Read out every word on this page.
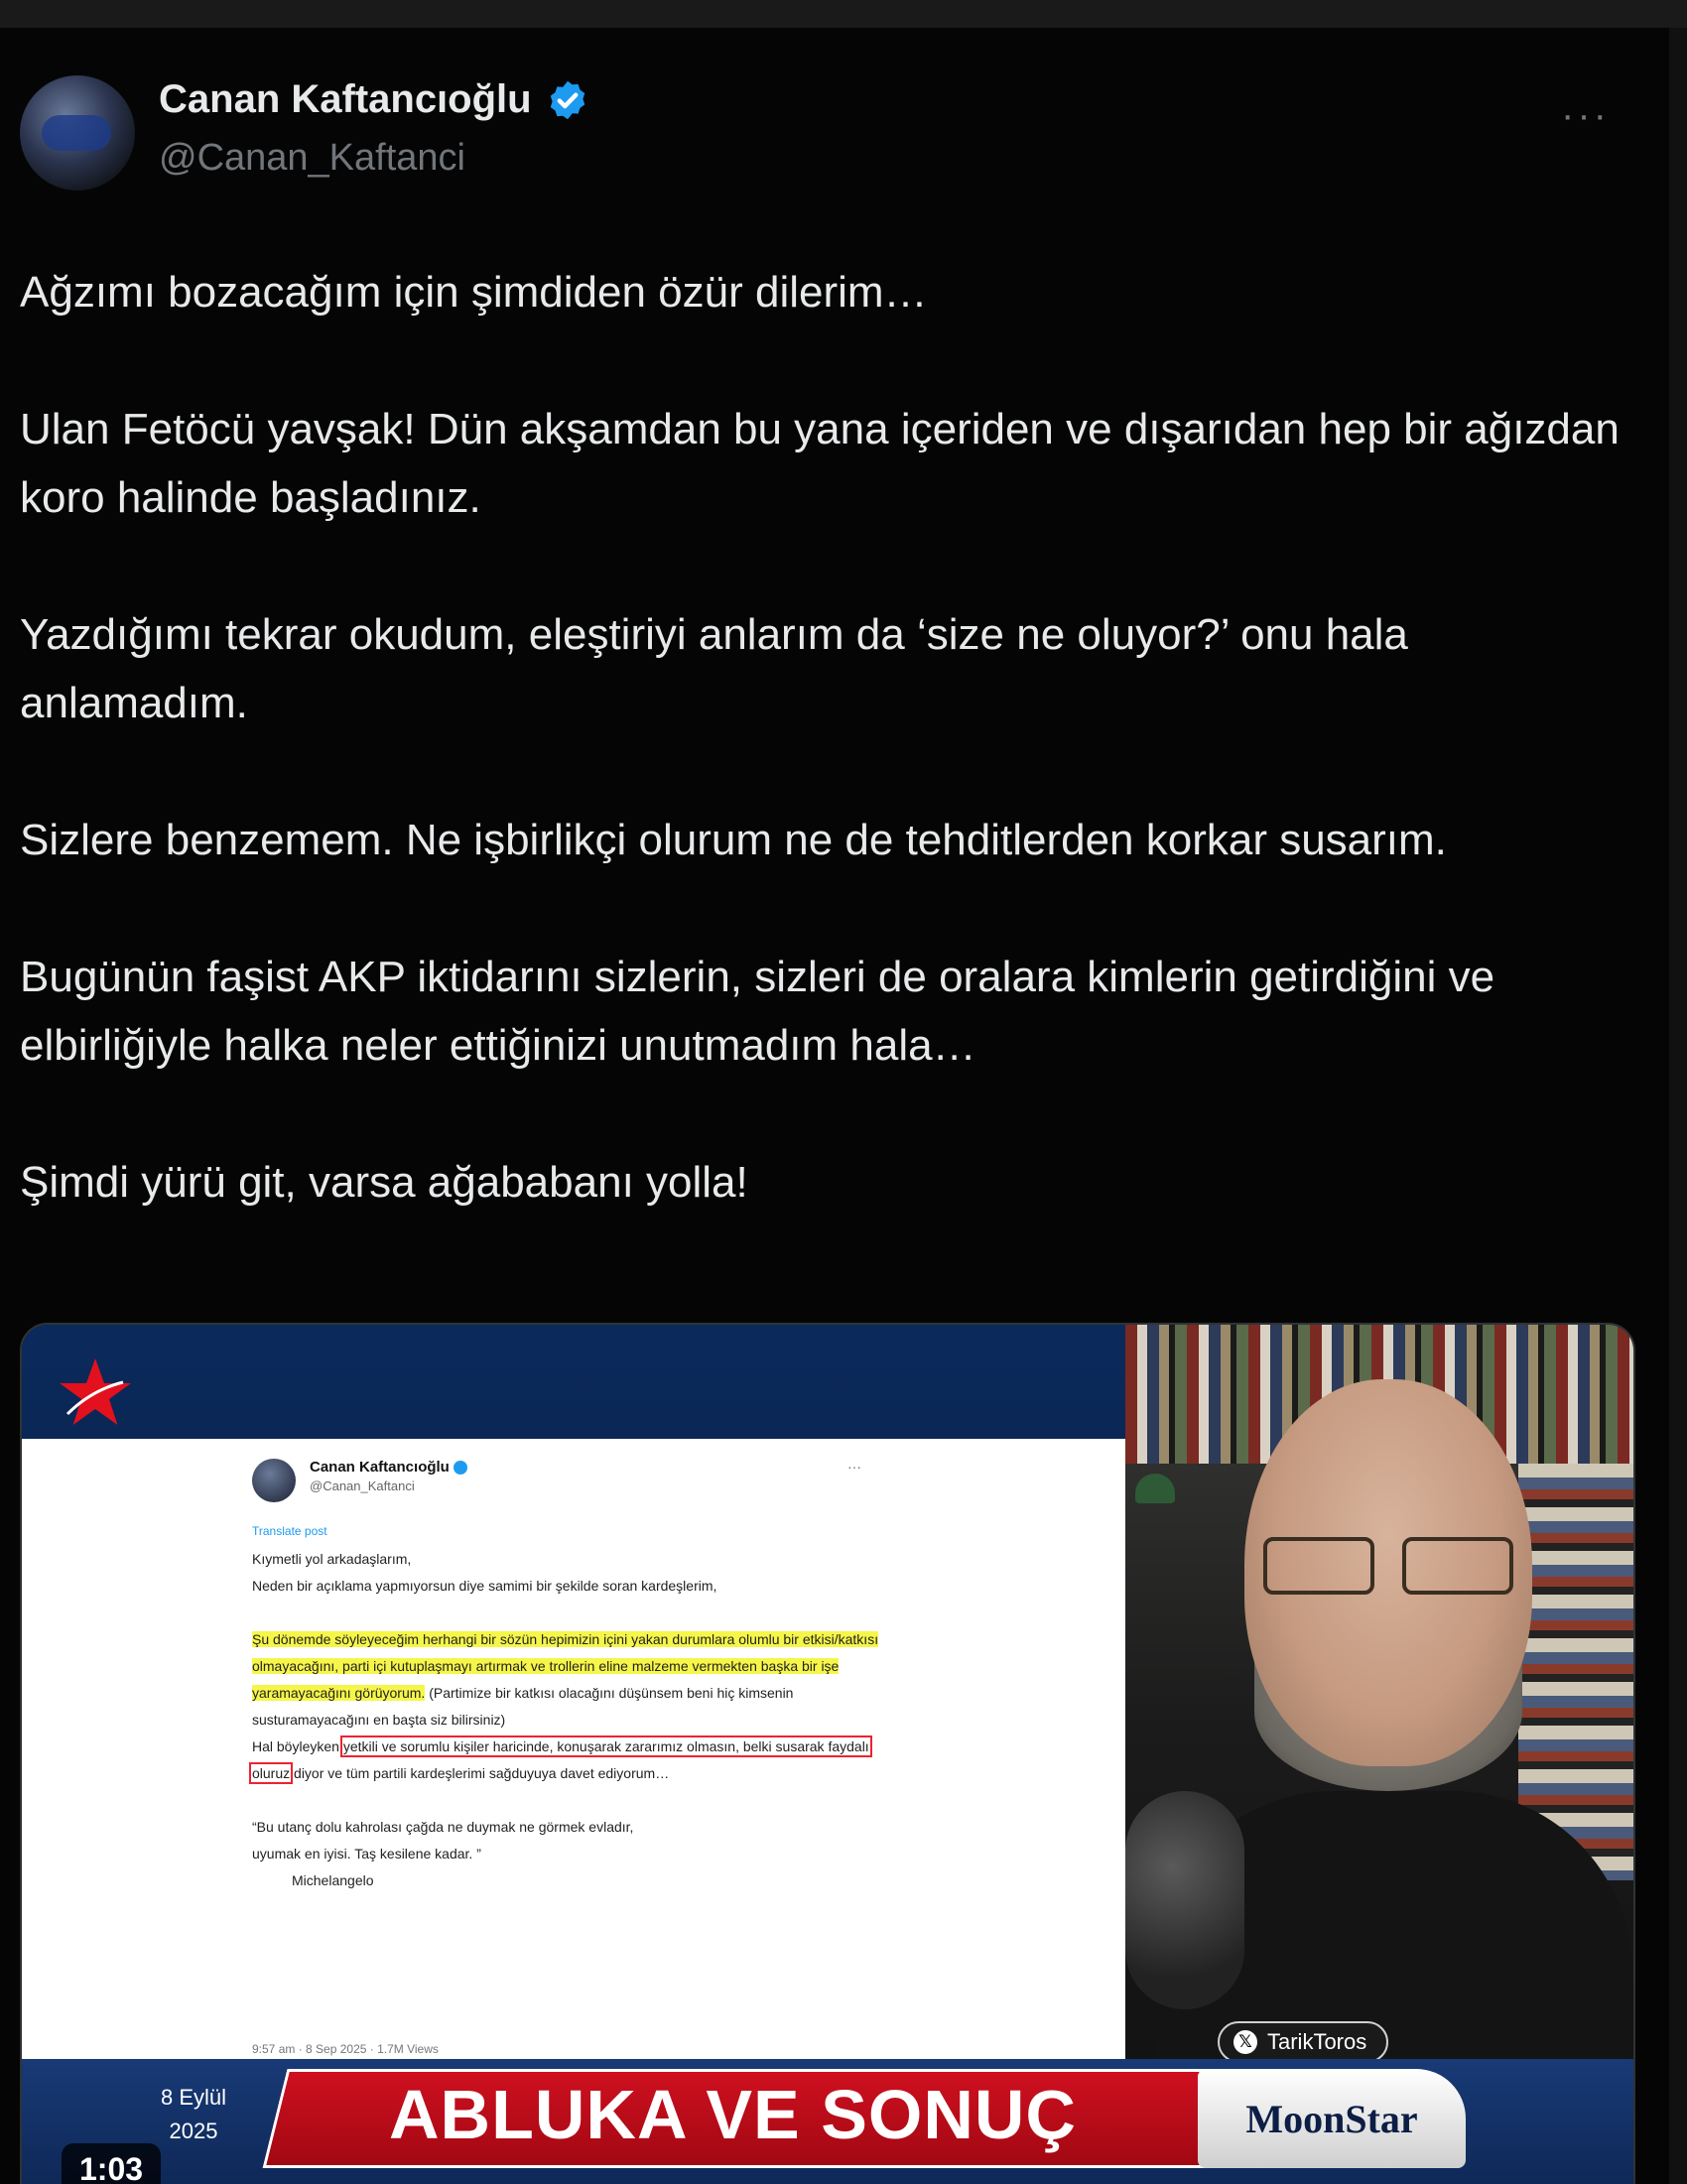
Canan Kaftancıoğlu
@Canan_Kaftanci
···

Ağzımı bozacağım için şimdiden özür dilerim…

Ulan Fetöcü yavşak! Dün akşamdan bu yana içeriden ve dışarıdan hep bir ağızdan koro halinde başladınız.

Yazdığımı tekrar okudum, eleştiriyi anlarım da ‘size ne oluyor?’ onu hala anlamadım.

Sizlere benzemem. Ne işbirlikçi olurum ne de tehditlerden korkar susarım.

Bugünün faşist AKP iktidarını sizlerin, sizleri de oralara kimlerin getirdiğini ve elbirliğiyle halka neler ettiğinizi unutmadım hala…

Şimdi yürü git, varsa ağababanı yolla!

Canan Kaftancıoğlu
@Canan_Kaftanci
···
Translate post
Kıymetli yol arkadaşlarım,
Neden bir açıklama yapmıyorsun diye samimi bir şekilde soran kardeşlerim,
Şu dönemde söyleyeceğim herhangi bir sözün hepimizin içini yakan durumlara olumlu bir etkisi/katkısı olmayacağını, parti içi kutuplaşmayı artırmak ve trollerin eline malzeme vermekten başka bir işe yaramayacağını görüyorum. (Partimize bir katkısı olacağını düşünsem beni hiç kimsenin susturamayacağını en başta siz bilirsiniz)
Hal böyleyken yetkili ve sorumlu kişiler haricinde, konuşarak zararımız olmasın, belki susarak faydalı oluruz diyor ve tüm partili kardeşlerimi sağduyuya davet ediyorum…
“Bu utanç dolu kahrolası çağda ne duymak ne görmek evladır, uyumak en iyisi. Taş kesilene kadar. ”
Michelangelo
9:57 am · 8 Sep 2025 · 1.7M Views	𝕏 TarikToros
ABLUKA VE SONUÇ	MoonStar
8 Eylül
2025
1:03
